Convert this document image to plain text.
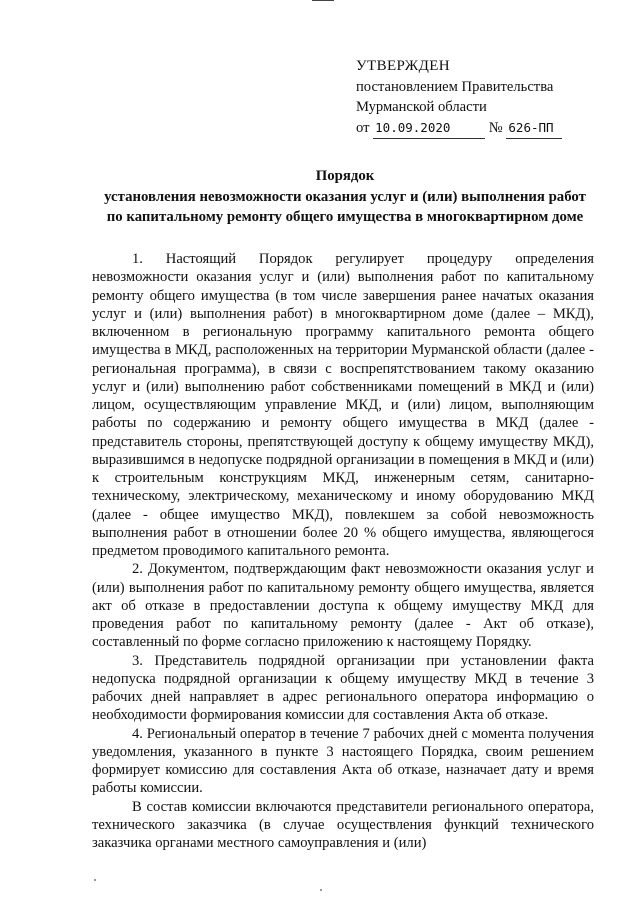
УТВЕРЖДЕН
постановлением Правительства
Мурманской области
от 10.09.2020	№ 626-ПП
Порядок
установления невозможности оказания услуг и (или) выполнения работ
по капитальному ремонту общего имущества в многоквартирном доме

1. Настоящий Порядок регулирует процедуру определения невозможности оказания услуг и (или) выполнения работ по капитальному ремонту общего имущества (в том числе завершения ранее начатых оказания услуг и (или) выполнения работ) в многоквартирном доме (далее – МКД), включенном в региональную программу капитального ремонта общего имущества в МКД, расположенных на территории Мурманской области (далее - региональная программа), в связи с воспрепятствованием такому оказанию услуг и (или) выполнению работ собственниками помещений в МКД и (или) лицом, осуществляющим управление МКД, и (или) лицом, выполняющим работы по содержанию и ремонту общего имущества в МКД (далее - представитель стороны, препятствующей доступу к общему имуществу МКД), выразившимся в недопуске подрядной организации в помещения в МКД и (или) к строительным конструкциям МКД, инженерным сетям, санитарно-техническому, электрическому, механическому и иному оборудованию МКД (далее - общее имущество МКД), повлекшем за собой невозможность выполнения работ в отношении более 20 % общего имущества, являющегося предметом проводимого капитального ремонта.

2. Документом, подтверждающим факт невозможности оказания услуг и (или) выполнения работ по капитальному ремонту общего имущества, является акт об отказе в предоставлении доступа к общему имуществу МКД для проведения работ по капитальному ремонту (далее - Акт об отказе), составленный по форме согласно приложению к настоящему Порядку.

3. Представитель подрядной организации при установлении факта недопуска подрядной организации к общему имуществу МКД в течение 3 рабочих дней направляет в адрес регионального оператора информацию о необходимости формирования комиссии для составления Акта об отказе.

4. Региональный оператор в течение 7 рабочих дней с момента получения уведомления, указанного в пункте 3 настоящего Порядка, своим решением формирует комиссию для составления Акта об отказе, назначает дату и время работы комиссии.

В состав комиссии включаются представители регионального оператора, технического заказчика (в случае осуществления функций технического заказчика органами местного самоуправления и (или)
